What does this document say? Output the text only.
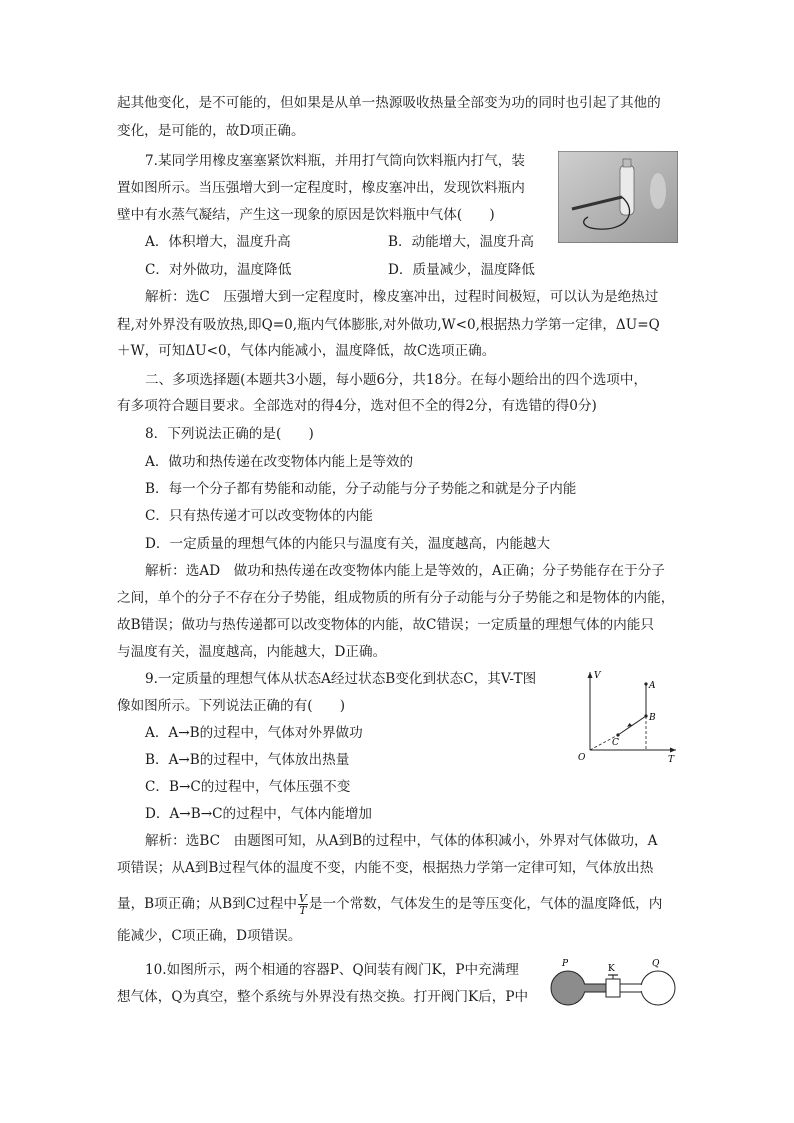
起其他变化，是不可能的，但如果是从单一热源吸收热量全部变为功的同时也引起了其他的
变化，是可能的，故D项正确。
7.某同学用橡皮塞塞紧饮料瓶，并用打气筒向饮料瓶内打气，装
置如图所示。当压强增大到一定程度时，橡皮塞冲出，发现饮料瓶内
壁中有水蒸气凝结，产生这一现象的原因是饮料瓶中气体(　　)
A．体积增大，温度升高	B．动能增大，温度升高
C．对外做功，温度降低	D．质量减少，温度降低
解析：选C　压强增大到一定程度时，橡皮塞冲出，过程时间极短，可以认为是绝热过
程,对外界没有吸放热,即Q=0,瓶内气体膨胀,对外做功,W<0,根据热力学第一定律，ΔU=Q
＋W，可知ΔU<0，气体内能减小，温度降低，故C选项正确。
二、多项选择题(本题共3小题，每小题6分，共18分。在每小题给出的四个选项中，
有多项符合题目要求。全部选对的得4分，选对但不全的得2分，有选错的得0分)
8．下列说法正确的是(　　)
A．做功和热传递在改变物体内能上是等效的
B．每一个分子都有势能和动能，分子动能与分子势能之和就是分子内能
C．只有热传递才可以改变物体的内能
D．一定质量的理想气体的内能只与温度有关，温度越高，内能越大
解析：选AD　做功和热传递在改变物体内能上是等效的，A正确；分子势能存在于分子
之间，单个的分子不存在分子势能，组成物质的所有分子动能与分子势能之和是物体的内能，
故B错误；做功与热传递都可以改变物体的内能，故C错误；一定质量的理想气体的内能只
与温度有关，温度越高，内能越大，D正确。
9.一定质量的理想气体从状态A经过状态B变化到状态C，其V-T图
像如图所示。下列说法正确的有(　　)
A．A→B的过程中，气体对外界做功
B．A→B的过程中，气体放出热量
C．B→C的过程中，气体压强不变
D．A→B→C的过程中，气体内能增加
V
T
O
A
B
C
解析：选BC　由题图可知，从A到B的过程中，气体的体积减小，外界对气体做功，A
项错误；从A到B过程气体的温度不变，内能不变，根据热力学第一定律可知，气体放出热
量，B项正确；从B到C过程中 $\frac{V}{T}$ 是一个常数，气体发生的是等压变化，气体的温度降低，内
能减少，C项正确，D项错误。
10.如图所示，两个相通的容器P、Q间装有阀门K，P中充满理
想气体，Q为真空，整个系统与外界没有热交换。打开阀门K后，P中
P	K	Q
